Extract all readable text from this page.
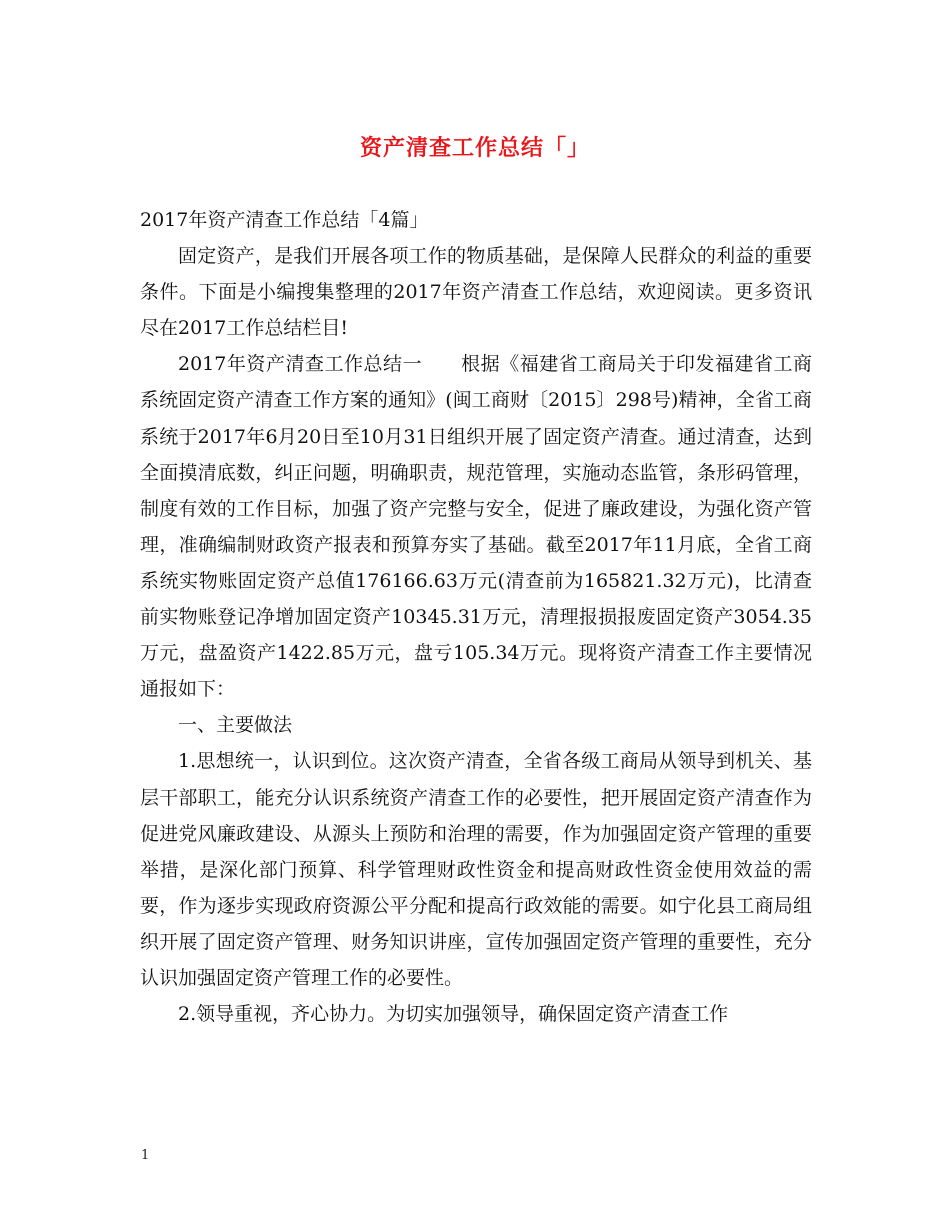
资产清查工作总结「」

2017年资产清查工作总结「4篇」

固定资产，是我们开展各项工作的物质基础，是保障人民群众的利益的重要条件。下面是小编搜集整理的2017年资产清查工作总结，欢迎阅读。更多资讯尽在2017工作总结栏目!

2017年资产清查工作总结一　　根据《福建省工商局关于印发福建省工商系统固定资产清查工作方案的通知》(闽工商财〔2015〕298号)精神，全省工商系统于2017年6月20日至10月31日组织开展了固定资产清查。通过清查，达到全面摸清底数，纠正问题，明确职责，规范管理，实施动态监管，条形码管理，制度有效的工作目标，加强了资产完整与安全，促进了廉政建设，为强化资产管理，准确编制财政资产报表和预算夯实了基础。截至2017年11月底，全省工商系统实物账固定资产总值176166.63万元(清查前为165821.32万元)，比清查前实物账登记净增加固定资产10345.31万元，清理报损报废固定资产3054.35万元，盘盈资产1422.85万元，盘亏105.34万元。现将资产清查工作主要情况通报如下：

一、主要做法

1.思想统一，认识到位。这次资产清查，全省各级工商局从领导到机关、基层干部职工，能充分认识系统资产清查工作的必要性，把开展固定资产清查作为促进党风廉政建设、从源头上预防和治理的需要，作为加强固定资产管理的重要举措，是深化部门预算、科学管理财政性资金和提高财政性资金使用效益的需要，作为逐步实现政府资源公平分配和提高行政效能的需要。如宁化县工商局组织开展了固定资产管理、财务知识讲座，宣传加强固定资产管理的重要性，充分认识加强固定资产管理工作的必要性。

2.领导重视，齐心协力。为切实加强领导，确保固定资产清查工作

1
